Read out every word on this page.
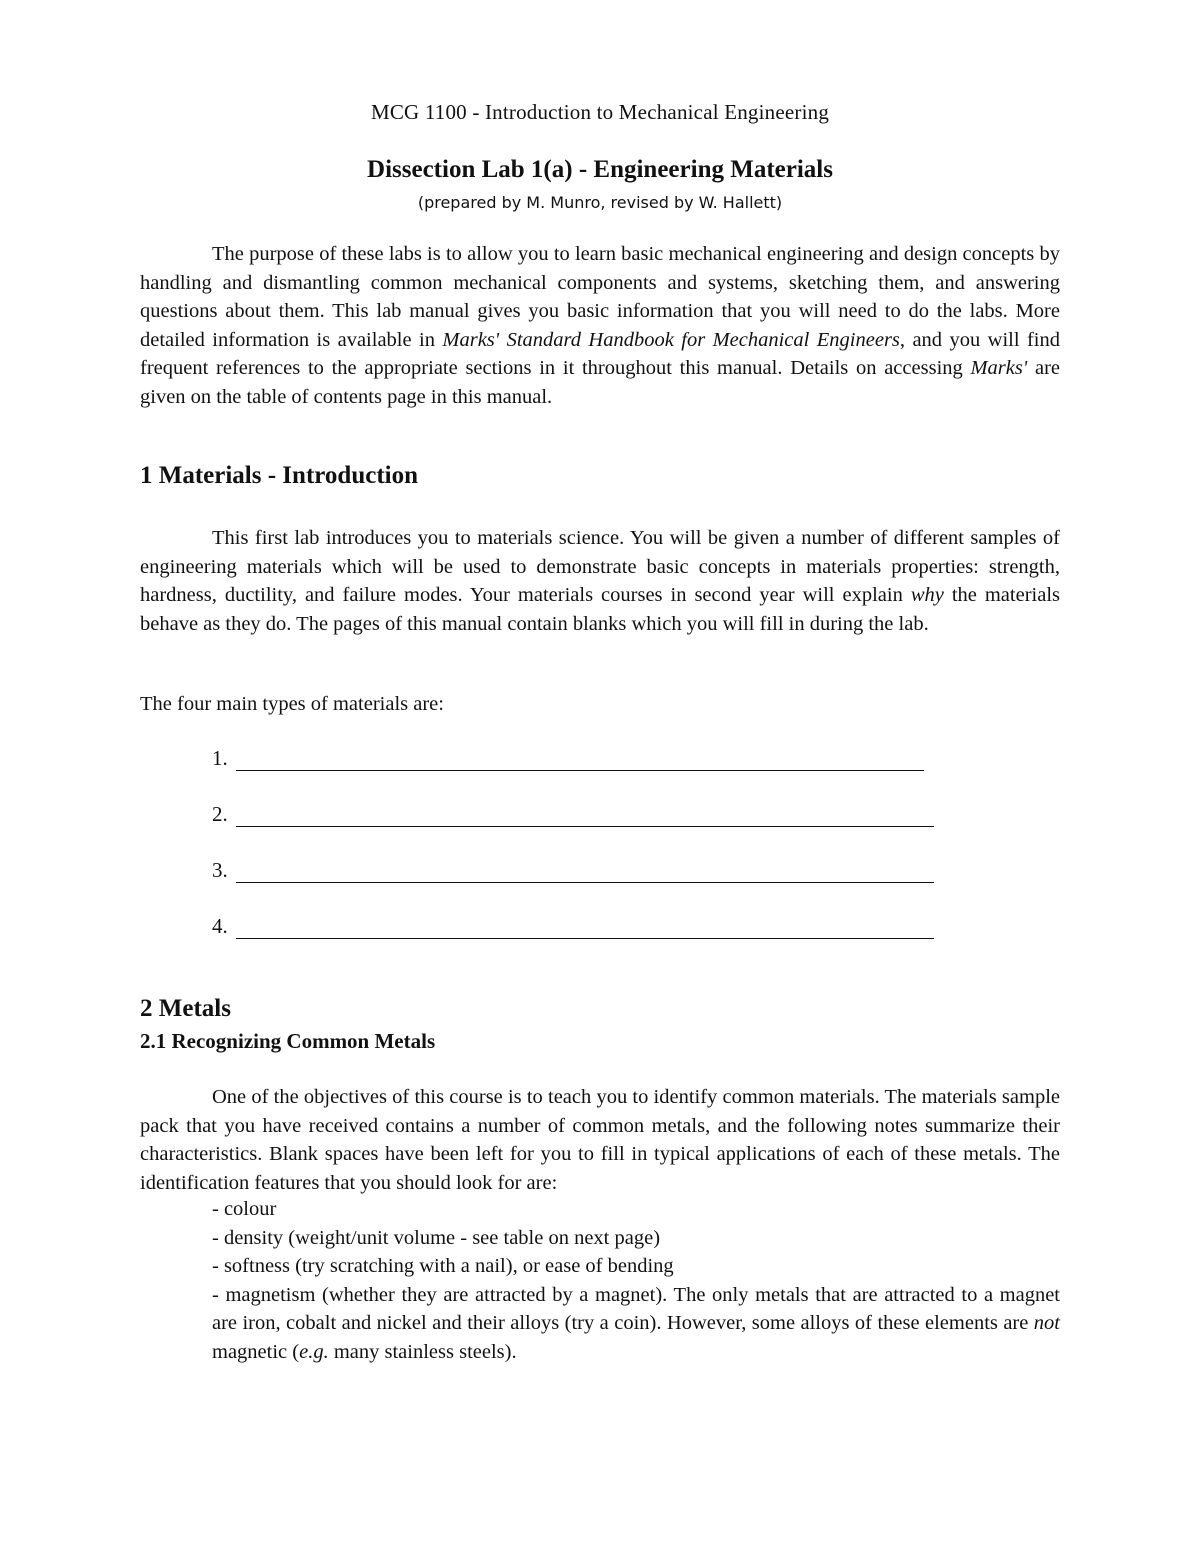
MCG 1100 - Introduction to Mechanical Engineering
Dissection Lab 1(a) - Engineering Materials
(prepared by M. Munro, revised by W. Hallett)
The purpose of these labs is to allow you to learn basic mechanical engineering and design concepts by handling and dismantling common mechanical components and systems, sketching them, and answering questions about them. This lab manual gives you basic information that you will need to do the labs. More detailed information is available in Marks' Standard Handbook for Mechanical Engineers, and you will find frequent references to the appropriate sections in it throughout this manual. Details on accessing Marks' are given on the table of contents page in this manual.
1 Materials - Introduction
This first lab introduces you to materials science. You will be given a number of different samples of engineering materials which will be used to demonstrate basic concepts in materials properties: strength, hardness, ductility, and failure modes. Your materials courses in second year will explain why the materials behave as they do. The pages of this manual contain blanks which you will fill in during the lab.
The four main types of materials are:
1.
2.
3.
4.
2 Metals
2.1 Recognizing Common Metals
One of the objectives of this course is to teach you to identify common materials. The materials sample pack that you have received contains a number of common metals, and the following notes summarize their characteristics. Blank spaces have been left for you to fill in typical applications of each of these metals. The identification features that you should look for are:
- colour
- density (weight/unit volume - see table on next page)
- softness (try scratching with a nail), or ease of bending
- magnetism (whether they are attracted by a magnet). The only metals that are attracted to a magnet are iron, cobalt and nickel and their alloys (try a coin). However, some alloys of these elements are not magnetic (e.g. many stainless steels).
